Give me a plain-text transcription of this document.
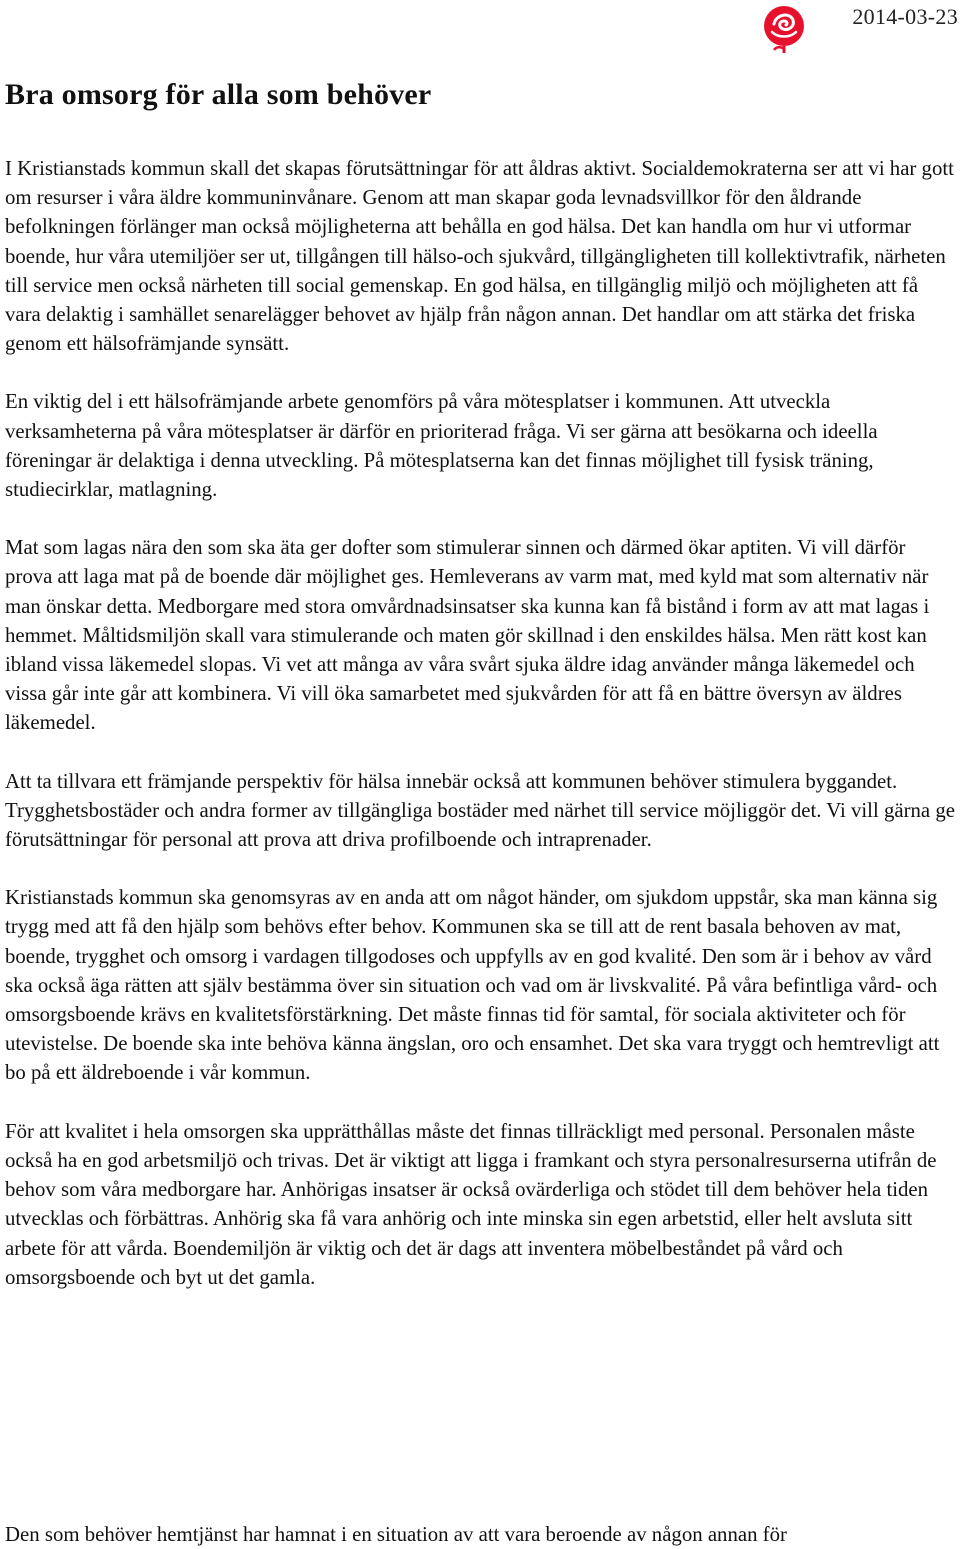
2014-03-23
Bra omsorg för alla som behöver

I Kristianstads kommun skall det skapas förutsättningar för att åldras aktivt. Socialdemokraterna ser att vi har gott om resurser i våra äldre kommuninvånare. Genom att man skapar goda levnadsvillkor för den åldrande befolkningen förlänger man också möjligheterna att behålla en god hälsa. Det kan handla om hur vi utformar boende, hur våra utemiljöer ser ut, tillgången till hälso-och sjukvård, tillgängligheten till kollektivtrafik, närheten till service men också närheten till social gemenskap. En god hälsa, en tillgänglig miljö och möjligheten att få vara delaktig i samhället senarelägger behovet av hjälp från någon annan. Det handlar om att stärka det friska genom ett hälsofrämjande synsätt.

En viktig del i ett hälsofrämjande arbete genomförs på våra mötesplatser i kommunen. Att utveckla verksamheterna på våra mötesplatser är därför en prioriterad fråga. Vi ser gärna att besökarna och ideella föreningar är delaktiga i denna utveckling. På mötesplatserna kan det finnas möjlighet till fysisk träning, studiecirklar, matlagning.

Mat som lagas nära den som ska äta ger dofter som stimulerar sinnen och därmed ökar aptiten. Vi vill därför prova att laga mat på de boende där möjlighet ges. Hemleverans av varm mat, med kyld mat som alternativ när man önskar detta. Medborgare med stora omvårdnadsinsatser ska kunna kan få bistånd i form av att mat lagas i hemmet. Måltidsmiljön skall vara stimulerande och maten gör skillnad i den enskildes hälsa. Men rätt kost kan ibland vissa läkemedel slopas. Vi vet att många av våra svårt sjuka äldre idag använder många läkemedel och vissa går inte går att kombinera. Vi vill öka samarbetet med sjukvården för att få en bättre översyn av äldres läkemedel.

Att ta tillvara ett främjande perspektiv för hälsa innebär också att kommunen behöver stimulera byggandet. Trygghetsbostäder och andra former av tillgängliga bostäder med närhet till service möjliggör det. Vi vill gärna ge förutsättningar för personal att prova att driva profilboende och intraprenader.

Kristianstads kommun ska genomsyras av en anda att om något händer, om sjukdom uppstår, ska man känna sig trygg med att få den hjälp som behövs efter behov. Kommunen ska se till att de rent basala behoven av mat, boende, trygghet och omsorg i vardagen tillgodoses och uppfylls av en god kvalité. Den som är i behov av vård ska också äga rätten att själv bestämma över sin situation och vad om är livskvalité. På våra befintliga vård- och omsorgsboende krävs en kvalitetsförstärkning. Det måste finnas tid för samtal, för sociala aktiviteter och för utevistelse. De boende ska inte behöva känna ängslan, oro och ensamhet. Det ska vara tryggt och hemtrevligt att bo på ett äldreboende i vår kommun.

För att kvalitet i hela omsorgen ska upprätthållas måste det finnas tillräckligt med personal. Personalen måste också ha en god arbetsmiljö och trivas. Det är viktigt att ligga i framkant och styra personalresurserna utifrån de behov som våra medborgare har. Anhörigas insatser är också ovärderliga och stödet till dem behöver hela tiden utvecklas och förbättras. Anhörig ska få vara anhörig och inte minska sin egen arbetstid, eller helt avsluta sitt arbete för att vårda. Boendemiljön är viktig och det är dags att inventera möbelbeståndet på vård och omsorgsboende och byt ut det gamla.

Den som behöver hemtjänst har hamnat i en situation av att vara beroende av någon annan för
